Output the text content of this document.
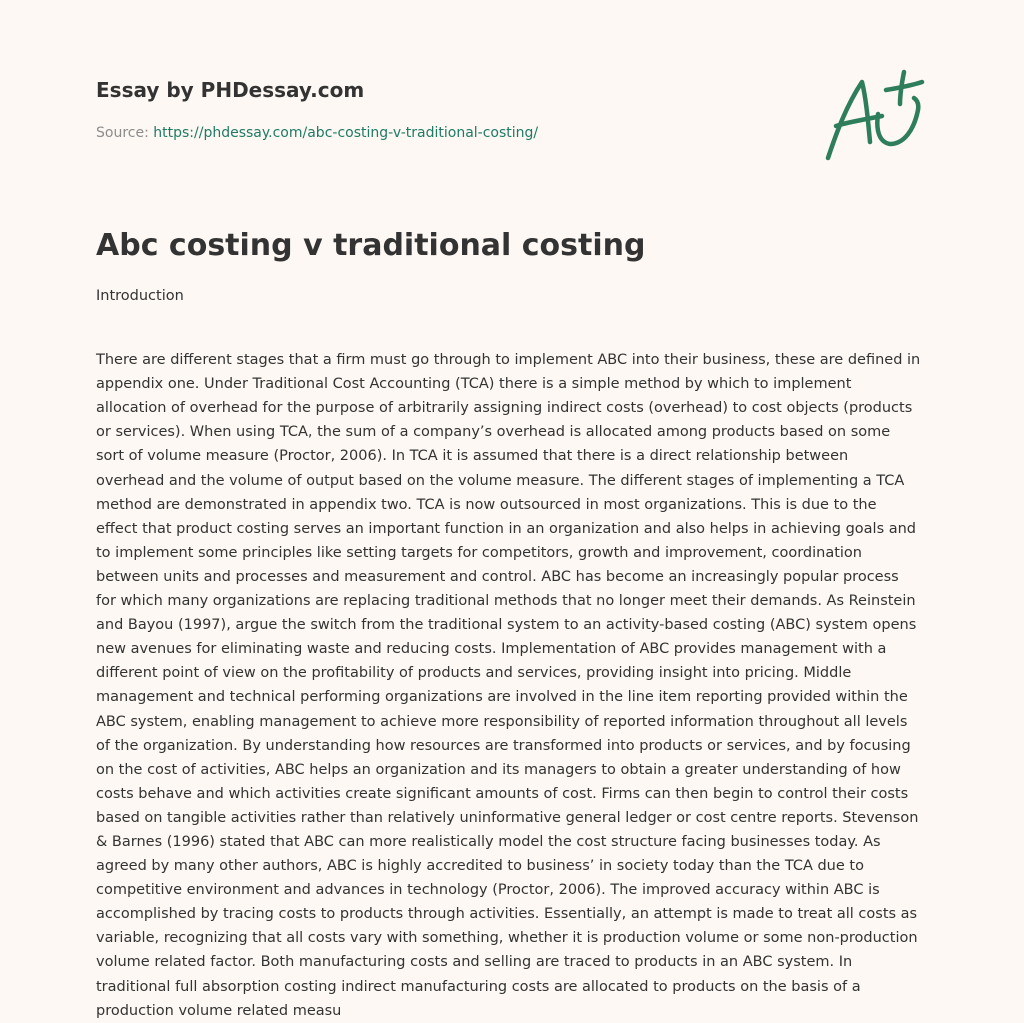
Essay by PHDessay.com
Source: https://phdessay.com/abc-costing-v-traditional-costing/
Abc costing v traditional costing
Introduction

There are different stages that a firm must go through to implement ABC into their business, these are defined in
appendix one. Under Traditional Cost Accounting (TCA) there is a simple method by which to implement
allocation of overhead for the purpose of arbitrarily assigning indirect costs (overhead) to cost objects (products
or services). When using TCA, the sum of a company’s overhead is allocated among products based on some
sort of volume measure (Proctor, 2006). In TCA it is assumed that there is a direct relationship between
overhead and the volume of output based on the volume measure. The different stages of implementing a TCA
method are demonstrated in appendix two. TCA is now outsourced in most organizations. This is due to the
effect that product costing serves an important function in an organization and also helps in achieving goals and
to implement some principles like setting targets for competitors, growth and improvement, coordination
between units and processes and measurement and control. ABC has become an increasingly popular process
for which many organizations are replacing traditional methods that no longer meet their demands. As Reinstein
and Bayou (1997), argue the switch from the traditional system to an activity-based costing (ABC) system opens
new avenues for eliminating waste and reducing costs. Implementation of ABC provides management with a
different point of view on the profitability of products and services, providing insight into pricing. Middle
management and technical performing organizations are involved in the line item reporting provided within the
ABC system, enabling management to achieve more responsibility of reported information throughout all levels
of the organization. By understanding how resources are transformed into products or services, and by focusing
on the cost of activities, ABC helps an organization and its managers to obtain a greater understanding of how
costs behave and which activities create significant amounts of cost. Firms can then begin to control their costs
based on tangible activities rather than relatively uninformative general ledger or cost centre reports. Stevenson
& Barnes (1996) stated that ABC can more realistically model the cost structure facing businesses today. As
agreed by many other authors, ABC is highly accredited to business’ in society today than the TCA due to
competitive environment and advances in technology (Proctor, 2006). The improved accuracy within ABC is
accomplished by tracing costs to products through activities. Essentially, an attempt is made to treat all costs as
variable, recognizing that all costs vary with something, whether it is production volume or some non-production
volume related factor. Both manufacturing costs and selling are traced to products in an ABC system. In
traditional full absorption costing indirect manufacturing costs are allocated to products on the basis of a
production volume related measu
